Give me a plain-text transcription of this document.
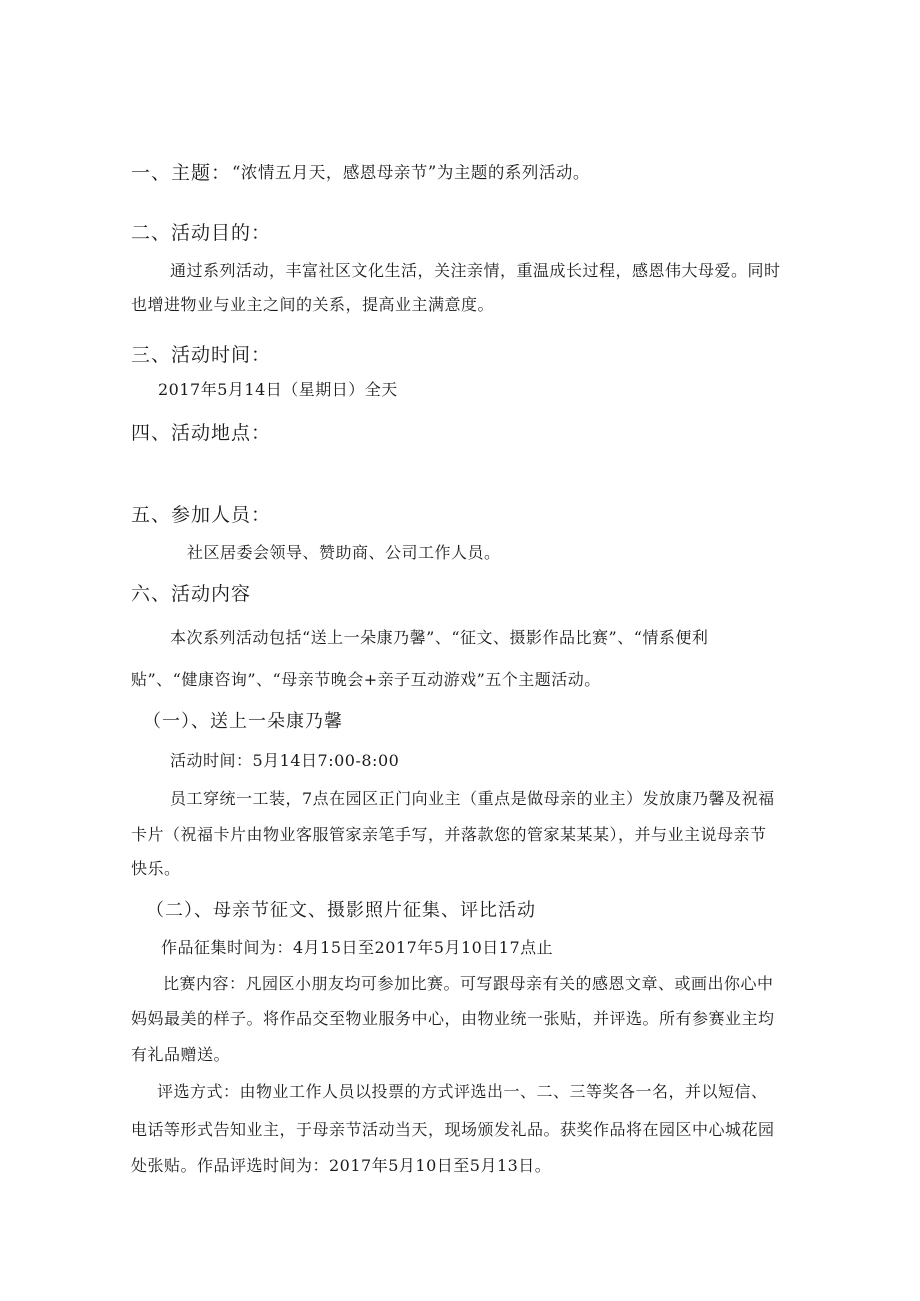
一、主题： “浓情五月天，感恩母亲节”为主题的系列活动。
二、活动目的：
通过系列活动，丰富社区文化生活，关注亲情，重温成长过程，感恩伟大母爱。同时
也增进物业与业主之间的关系，提高业主满意度。
三、活动时间：
2017年5月14日（星期日）全天
四、活动地点：
五、参加人员：
社区居委会领导、赞助商、公司工作人员。
六、活动内容
本次系列活动包括“送上一朵康乃馨”、“征文、摄影作品比赛”、“情系便利
贴”、“健康咨询”、“母亲节晚会+亲子互动游戏”五个主题活动。
（一）、送上一朵康乃馨
活动时间：5月14日7:00-8:00
员工穿统一工装，7点在园区正门向业主（重点是做母亲的业主）发放康乃馨及祝福
卡片（祝福卡片由物业客服管家亲笔手写，并落款您的管家某某某），并与业主说母亲节
快乐。
（二）、母亲节征文、摄影照片征集、评比活动
作品征集时间为：4月15日至2017年5月10日17点止
比赛内容：凡园区小朋友均可参加比赛。可写跟母亲有关的感恩文章、或画出你心中
妈妈最美的样子。将作品交至物业服务中心，由物业统一张贴，并评选。所有参赛业主均
有礼品赠送。
评选方式：由物业工作人员以投票的方式评选出一、二、三等奖各一名，并以短信、
电话等形式告知业主，于母亲节活动当天，现场颁发礼品。获奖作品将在园区中心城花园
处张贴。作品评选时间为：2017年5月10日至5月13日。
